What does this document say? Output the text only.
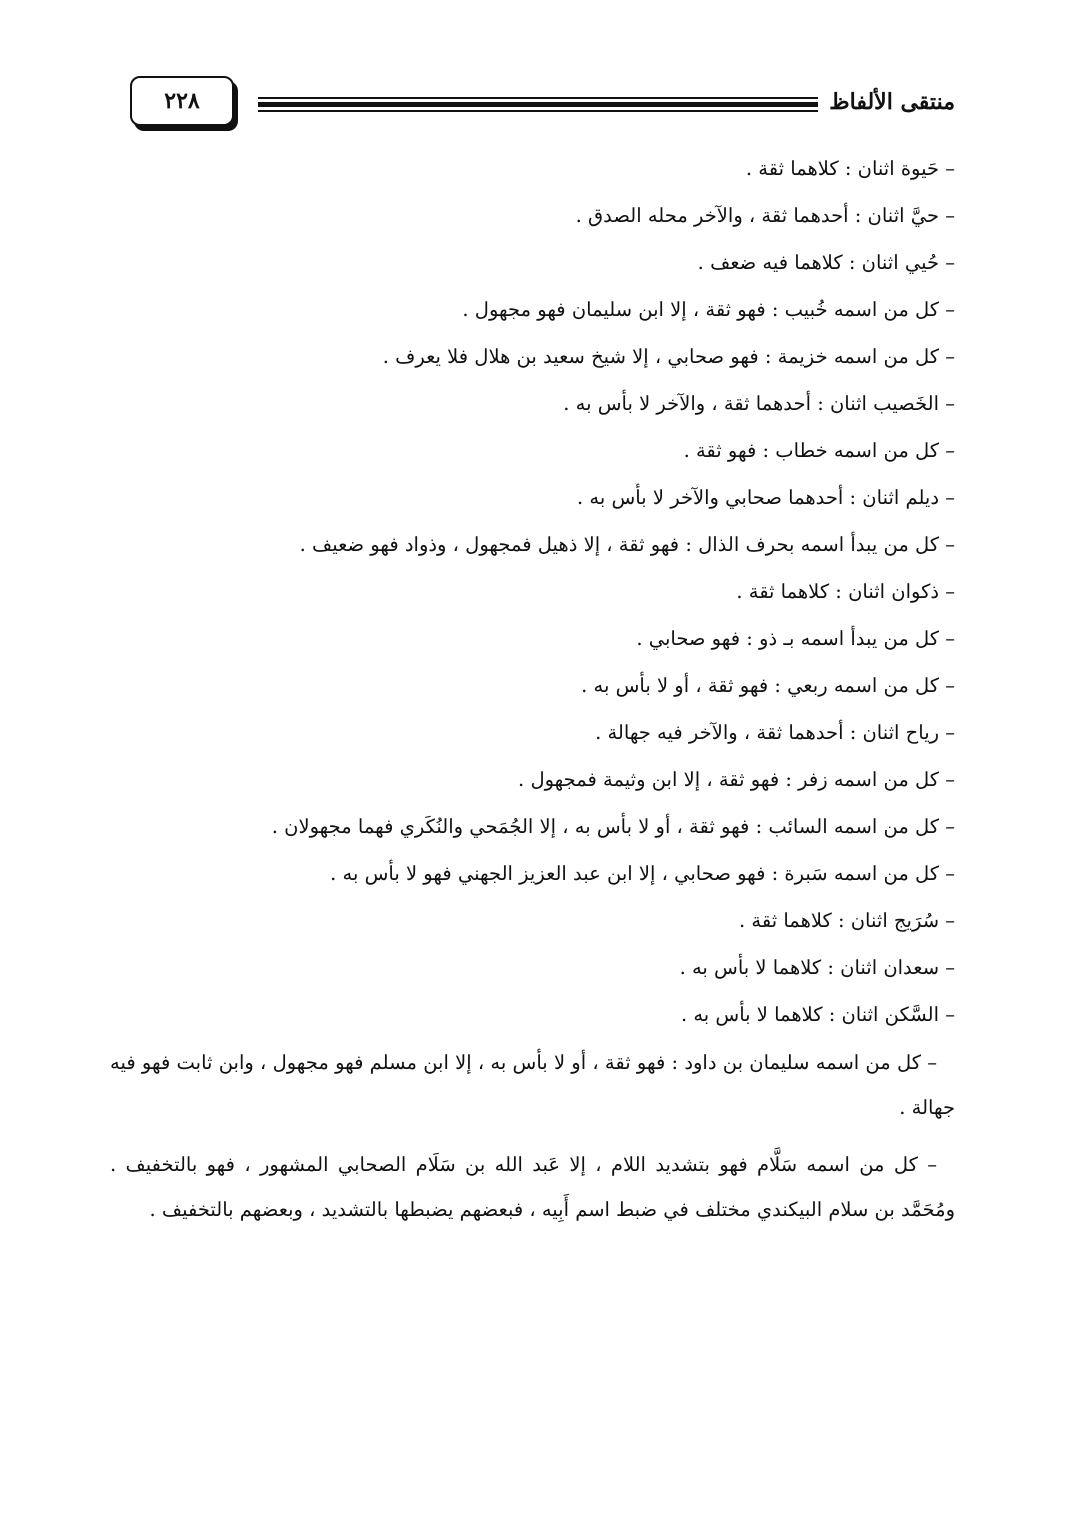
٢٢٨	منتقى الألفاظ
– حَيوة اثنان : كلاهما ثقة .
– حيَّ اثنان : أحدهما ثقة ، والآخر محله الصدق .
– حُيي اثنان : كلاهما فيه ضعف .
– كل من اسمه خُبيب : فهو ثقة ، إلا ابن سليمان فهو مجهول .
– كل من اسمه خزيمة : فهو صحابي ، إلا شيخ سعيد بن هلال فلا يعرف .
– الخَصيب اثنان : أحدهما ثقة ، والآخر لا بأس به .
– كل من اسمه خطاب : فهو ثقة .
– ديلم اثنان : أحدهما صحابي والآخر لا بأس به .
– كل من يبدأ اسمه بحرف الذال : فهو ثقة ، إلا ذهيل فمجهول ، وذواد فهو ضعيف .
– ذكوان اثنان : كلاهما ثقة .
– كل من يبدأ اسمه بـ ذو : فهو صحابي .
– كل من اسمه ربعي : فهو ثقة ، أو لا بأس به .
– رياح اثنان : أحدهما ثقة ، والآخر فيه جهالة .
– كل من اسمه زفر : فهو ثقة ، إلا ابن وثيمة فمجهول .
– كل من اسمه السائب : فهو ثقة ، أو لا بأس به ، إلا الجُمَحي والنُكَري فهما مجهولان .
– كل من اسمه سَبرة : فهو صحابي ، إلا ابن عبد العزيز الجهني فهو لا بأس به .
– سُرَيج اثنان : كلاهما ثقة .
– سعدان اثنان : كلاهما لا بأس به .
– السَّكن اثنان : كلاهما لا بأس به .
– كل من اسمه سليمان بن داود : فهو ثقة ، أو لا بأس به ، إلا ابن مسلم فهو مجهول ، وابن ثابت فهو فيه جهالة .
– كل من اسمه سَلَّام فهو بتشديد اللام ، إلا عَبد الله بن سَلَام الصحابي المشهور ، فهو بالتخفيف . ومُحَمَّد بن سلام البيكندي مختلف في ضبط اسم أَبِيه ، فبعضهم يضبطها بالتشديد ، وبعضهم بالتخفيف .
